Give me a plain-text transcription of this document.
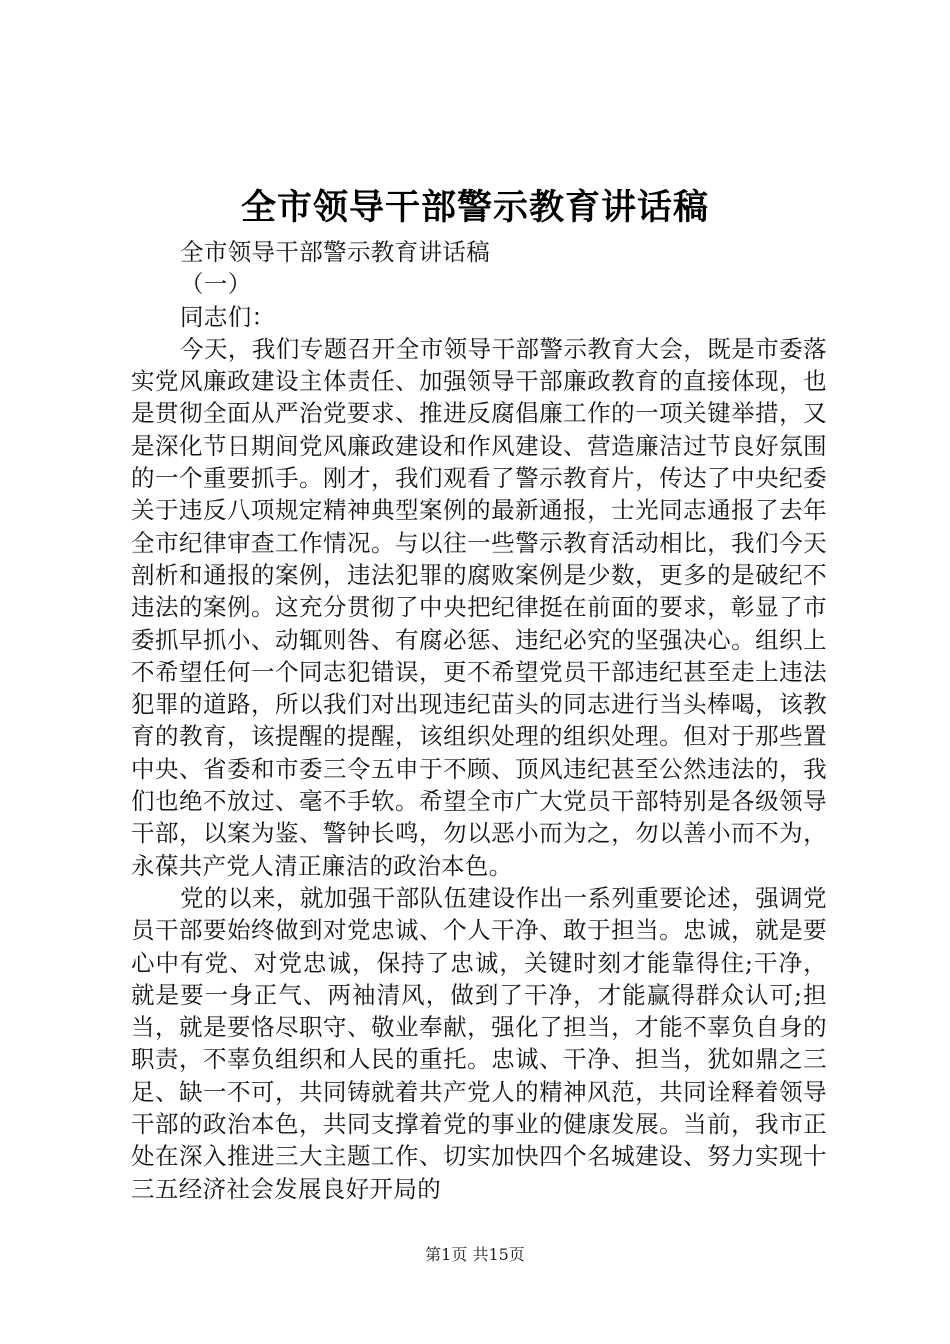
全市领导干部警示教育讲话稿

全市领导干部警示教育讲话稿

（一）

同志们：

今天，我们专题召开全市领导干部警示教育大会，既是市委落实党风廉政建设主体责任、加强领导干部廉政教育的直接体现，也是贯彻全面从严治党要求、推进反腐倡廉工作的一项关键举措，又是深化节日期间党风廉政建设和作风建设、营造廉洁过节良好氛围的一个重要抓手。刚才，我们观看了警示教育片，传达了中央纪委关于违反八项规定精神典型案例的最新通报，士光同志通报了去年全市纪律审查工作情况。与以往一些警示教育活动相比，我们今天剖析和通报的案例，违法犯罪的腐败案例是少数，更多的是破纪不违法的案例。这充分贯彻了中央把纪律挺在前面的要求，彰显了市委抓早抓小、动辄则咎、有腐必惩、违纪必究的坚强决心。组织上不希望任何一个同志犯错误，更不希望党员干部违纪甚至走上违法犯罪的道路，所以我们对出现违纪苗头的同志进行当头棒喝，该教育的教育，该提醒的提醒，该组织处理的组织处理。但对于那些置中央、省委和市委三令五申于不顾、顶风违纪甚至公然违法的，我们也绝不放过、毫不手软。希望全市广大党员干部特别是各级领导干部，以案为鉴、警钟长鸣，勿以恶小而为之，勿以善小而不为，永葆共产党人清正廉洁的政治本色。

党的以来，就加强干部队伍建设作出一系列重要论述，强调党员干部要始终做到对党忠诚、个人干净、敢于担当。忠诚，就是要心中有党、对党忠诚，保持了忠诚，关键时刻才能靠得住;干净，就是要一身正气、两袖清风，做到了干净，才能赢得群众认可;担当，就是要恪尽职守、敬业奉献，强化了担当，才能不辜负自身的职责，不辜负组织和人民的重托。忠诚、干净、担当，犹如鼎之三足、缺一不可，共同铸就着共产党人的精神风范，共同诠释着领导干部的政治本色，共同支撑着党的事业的健康发展。当前，我市正处在深入推进三大主题工作、切实加快四个名城建设、努力实现十三五经济社会发展良好开局的

第1页 共15页
